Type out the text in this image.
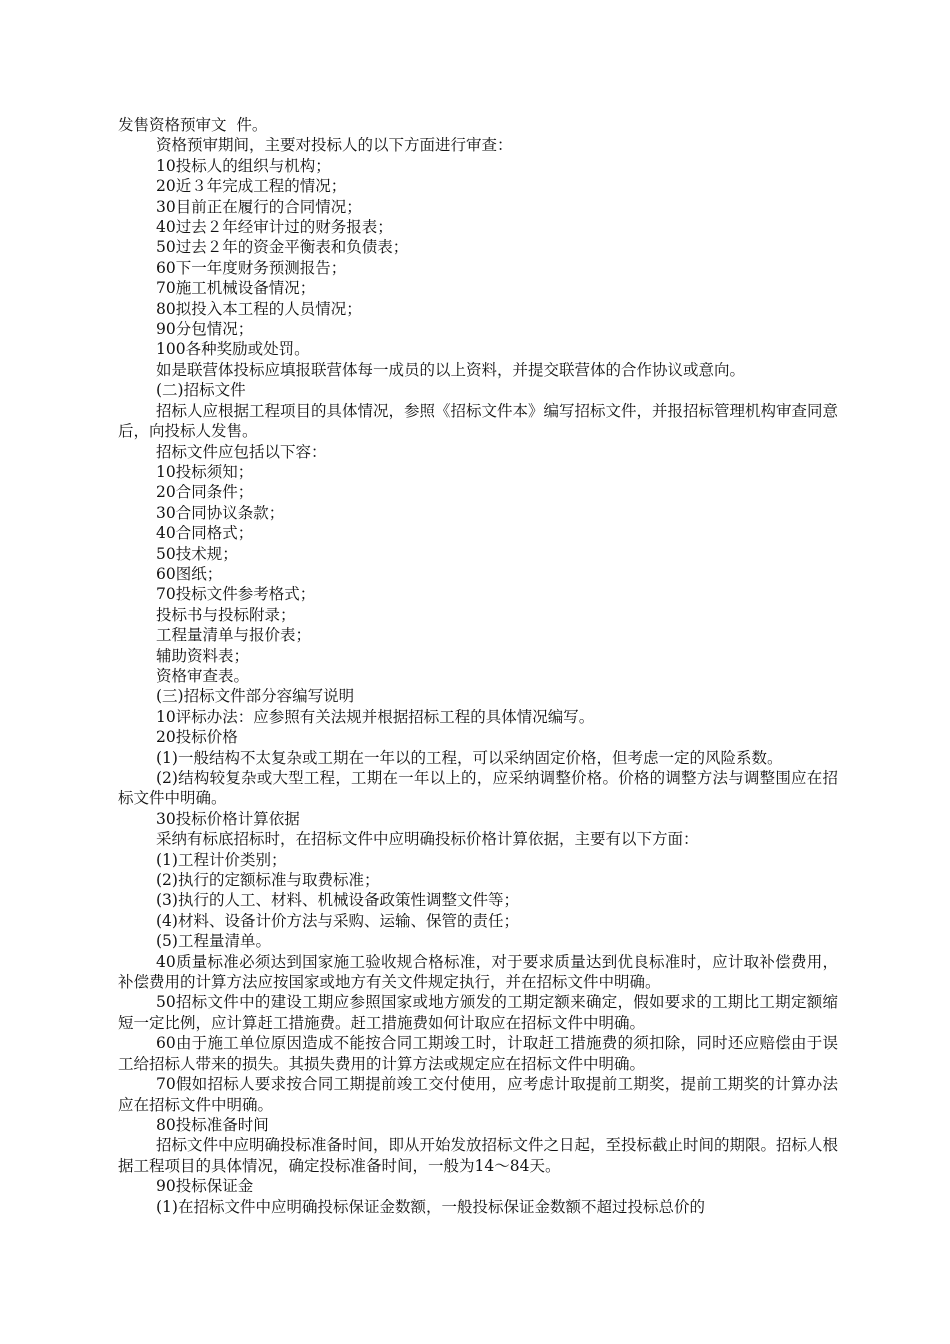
发售资格预审文  件。

资格预审期间，主要对投标人的以下方面进行审查：

10投标人的组织与机构；

20近３年完成工程的情况；

30目前正在履行的合同情况；

40过去２年经审计过的财务报表；

50过去２年的资金平衡表和负债表；

60下一年度财务预测报告；

70施工机械设备情况；

80拟投入本工程的人员情况；

90分包情况；

100各种奖励或处罚。

如是联营体投标应填报联营体每一成员的以上资料，并提交联营体的合作协议或意向。

(二)招标文件

招标人应根据工程项目的具体情况，参照《招标文件本》编写招标文件，并报招标管理机构审查同意后，向投标人发售。

招标文件应包括以下容：

10投标须知；

20合同条件；

30合同协议条款；

40合同格式；

50技术规；

60图纸；

70投标文件参考格式；

投标书与投标附录；

工程量清单与报价表；

辅助资料表；

资格审查表。

(三)招标文件部分容编写说明

10评标办法：应参照有关法规并根据招标工程的具体情况编写。

20投标价格

(1)一般结构不太复杂或工期在一年以的工程，可以采纳固定价格，但考虑一定的风险系数。

(2)结构较复杂或大型工程，工期在一年以上的，应采纳调整价格。价格的调整方法与调整围应在招标文件中明确。

30投标价格计算依据

采纳有标底招标时，在招标文件中应明确投标价格计算依据，主要有以下方面：

(1)工程计价类别；

(2)执行的定额标准与取费标准；

(3)执行的人工、材料、机械设备政策性调整文件等；

(4)材料、设备计价方法与采购、运输、保管的责任；

(5)工程量清单。

40质量标准必须达到国家施工验收规合格标准，对于要求质量达到优良标准时，应计取补偿费用，补偿费用的计算方法应按国家或地方有关文件规定执行，并在招标文件中明确。

50招标文件中的建设工期应参照国家或地方颁发的工期定额来确定，假如要求的工期比工期定额缩短一定比例，应计算赶工措施费。赶工措施费如何计取应在招标文件中明确。

60由于施工单位原因造成不能按合同工期竣工时，计取赶工措施费的须扣除，同时还应赔偿由于误工给招标人带来的损失。其损失费用的计算方法或规定应在招标文件中明确。

70假如招标人要求按合同工期提前竣工交付使用，应考虑计取提前工期奖，提前工期奖的计算办法应在招标文件中明确。

80投标准备时间

招标文件中应明确投标准备时间，即从开始发放招标文件之日起，至投标截止时间的期限。招标人根据工程项目的具体情况，确定投标准备时间，一般为14～84天。

90投标保证金

(1)在招标文件中应明确投标保证金数额，一般投标保证金数额不超过投标总价的
